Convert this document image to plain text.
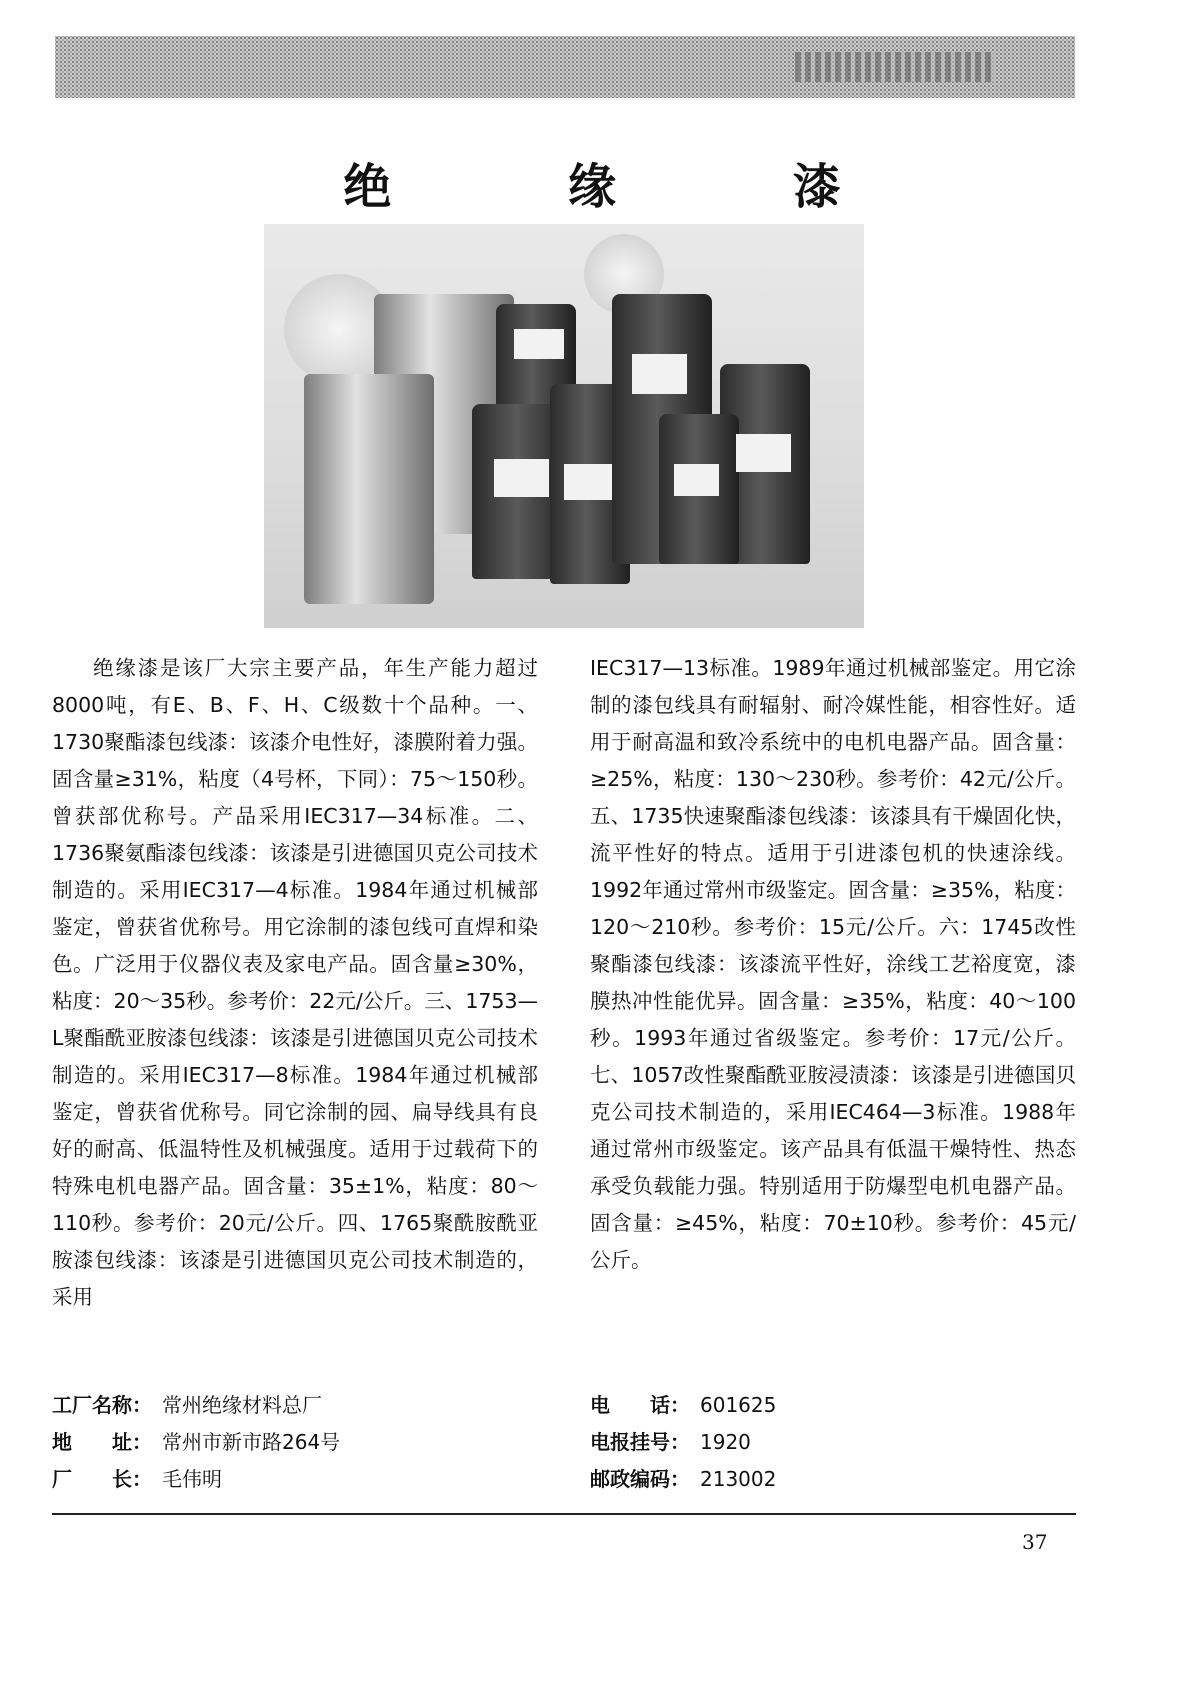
绝 缘 漆

绝缘漆是该厂大宗主要产品，年生产能力超过8000吨，有E、B、F、H、C级数十个品种。一、1730聚酯漆包线漆：该漆介电性好，漆膜附着力强。固含量≥31%，粘度（4号杯，下同）：75～150秒。曾获部优称号。产品采用IEC317—34标准。二、1736聚氨酯漆包线漆：该漆是引进德国贝克公司技术制造的。采用IEC317—4标准。1984年通过机械部鉴定，曾获省优称号。用它涂制的漆包线可直焊和染色。广泛用于仪器仪表及家电产品。固含量≥30%，粘度：20～35秒。参考价：22元/公斤。三、1753—L聚酯酰亚胺漆包线漆：该漆是引进德国贝克公司技术制造的。采用IEC317—8标准。1984年通过机械部鉴定，曾获省优称号。同它涂制的园、扁导线具有良好的耐高、低温特性及机械强度。适用于过载荷下的特殊电机电器产品。固含量：35±1%，粘度：80～110秒。参考价：20元/公斤。四、1765聚酰胺酰亚胺漆包线漆：该漆是引进德国贝克公司技术制造的，采用

IEC317—13标准。1989年通过机械部鉴定。用它涂制的漆包线具有耐辐射、耐冷媒性能，相容性好。适用于耐高温和致冷系统中的电机电器产品。固含量：≥25%，粘度：130～230秒。参考价：42元/公斤。五、1735快速聚酯漆包线漆：该漆具有干燥固化快，流平性好的特点。适用于引进漆包机的快速涂线。1992年通过常州市级鉴定。固含量：≥35%，粘度：120～210秒。参考价：15元/公斤。六：1745改性聚酯漆包线漆：该漆流平性好，涂线工艺裕度宽，漆膜热冲性能优异。固含量：≥35%，粘度：40～100秒。1993年通过省级鉴定。参考价：17元/公斤。七、1057改性聚酯酰亚胺浸渍漆：该漆是引进德国贝克公司技术制造的，采用IEC464—3标准。1988年通过常州市级鉴定。该产品具有低温干燥特性、热态承受负载能力强。特别适用于防爆型电机电器产品。固含量：≥45%，粘度：70±10秒。参考价：45元/公斤。

工厂名称： 常州绝缘材料总厂
地　　址： 常州市新市路264号
厂　　长： 毛伟明
电　　话： 601625
电报挂号： 1920
邮政编码： 213002
37
